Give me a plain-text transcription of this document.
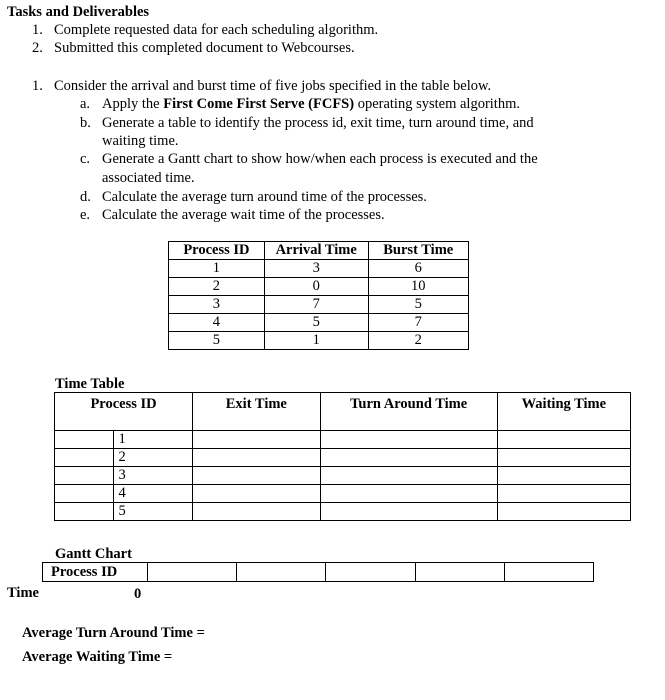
Tasks and Deliverables
1. Complete requested data for each scheduling algorithm.
2. Submitted this completed document to Webcourses.
1. Consider the arrival and burst time of five jobs specified in the table below.
a. Apply the First Come First Serve (FCFS) operating system algorithm.
b. Generate a table to identify the process id, exit time, turn around time, and
waiting time.
c. Generate a Gantt chart to show how/when each process is executed and the
associated time.
d. Calculate the average turn around time of the processes.
e. Calculate the average wait time of the processes.
Process ID	Arrival Time	Burst Time
1	3	6
2	0	10
3	7	5
4	5	7
5	1	2
Time Table
Process ID		Exit Time	Turn Around Time	Waiting Time
	1			
	2			
	3			
	4			
	5			
Gantt Chart
Process ID					
Time	0
Average Turn Around Time =
Average Waiting Time =
